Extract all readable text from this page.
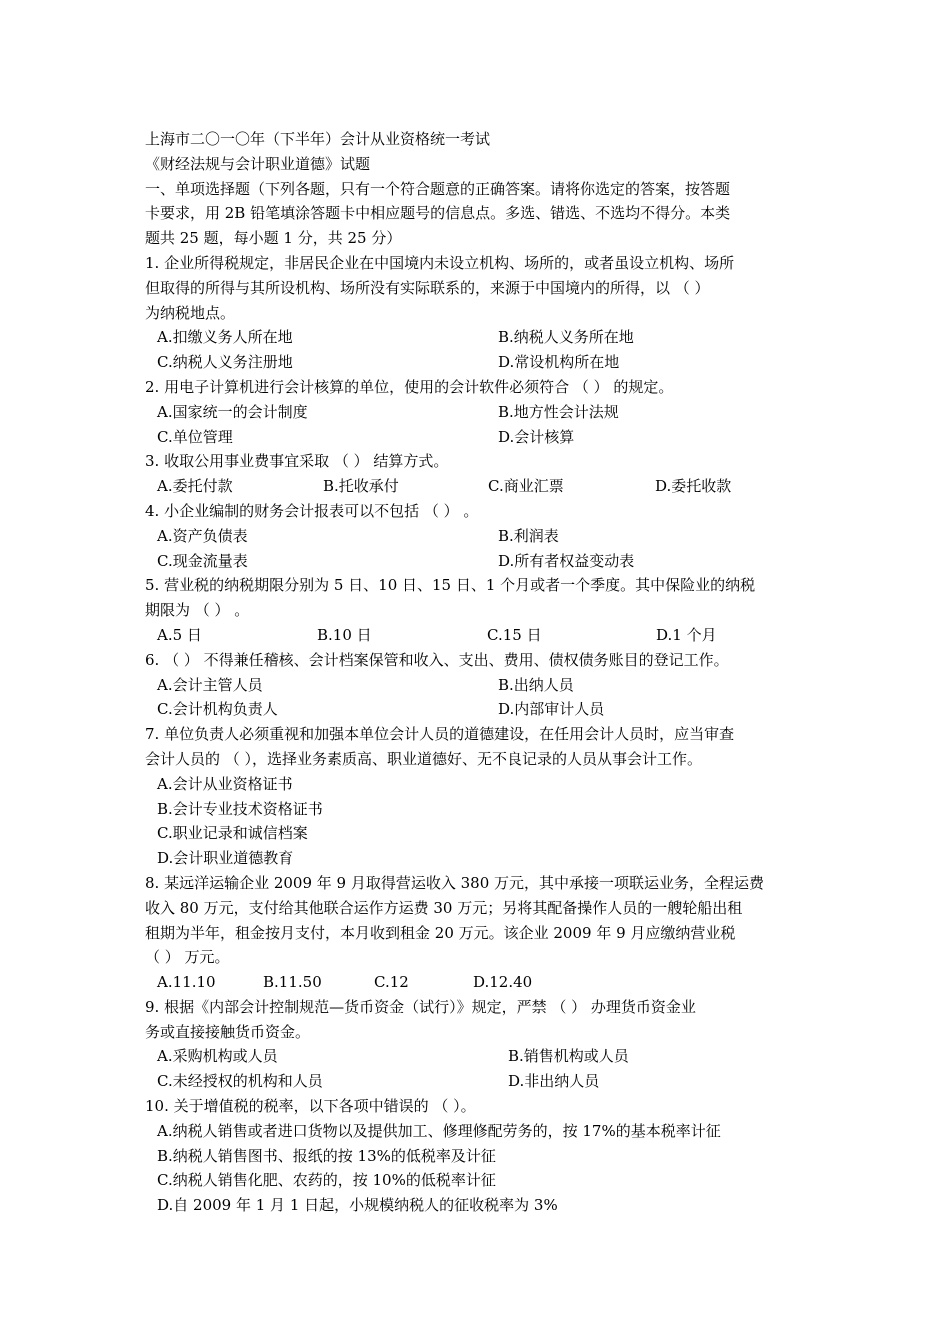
上海市二〇一〇年（下半年）会计从业资格统一考试
《财经法规与会计职业道德》试题
一、单项选择题（下列各题，只有一个符合题意的正确答案。请将你选定的答案，按答题
卡要求，用 2B 铅笔填涂答题卡中相应题号的信息点。多选、错选、不选均不得分。本类
题共 25 题，每小题 1 分，共 25 分）
1. 企业所得税规定，非居民企业在中国境内未设立机构、场所的，或者虽设立机构、场所
但取得的所得与其所设机构、场所没有实际联系的，来源于中国境内的所得，以 （ ）
为纳税地点。
A.扣缴义务人所在地	B.纳税人义务所在地
C.纳税人义务注册地	D.常设机构所在地
2. 用电子计算机进行会计核算的单位，使用的会计软件必须符合 （ ） 的规定。
A.国家统一的会计制度	B.地方性会计法规
C.单位管理	D.会计核算
3. 收取公用事业费事宜采取 （ ） 结算方式。
A.委托付款	B.托收承付	C.商业汇票	D.委托收款
4. 小企业编制的财务会计报表可以不包括 （ ） 。
A.资产负债表	B.利润表
C.现金流量表	D.所有者权益变动表
5. 营业税的纳税期限分别为 5 日、10 日、15 日、1 个月或者一个季度。其中保险业的纳税
期限为 （ ） 。
A.5 日	B.10 日	C.15 日	D.1 个月
6. （ ） 不得兼任稽核、会计档案保管和收入、支出、费用、债权债务账目的登记工作。
A.会计主管人员	B.出纳人员
C.会计机构负责人	D.内部审计人员
7. 单位负责人必须重视和加强本单位会计人员的道德建设，在任用会计人员时，应当审查
会计人员的 （ ），选择业务素质高、职业道德好、无不良记录的人员从事会计工作。
A.会计从业资格证书
B.会计专业技术资格证书
C.职业记录和诚信档案
D.会计职业道德教育
8. 某远洋运输企业 2009 年 9 月取得营运收入 380 万元，其中承接一项联运业务，全程运费
收入 80 万元，支付给其他联合运作方运费 30 万元；另将其配备操作人员的一艘轮船出租
租期为半年，租金按月支付，本月收到租金 20 万元。该企业 2009 年 9 月应缴纳营业税
（ ） 万元。
A.11.10	B.11.50	C.12	D.12.40
9. 根据《内部会计控制规范—货币资金（试行）》规定，严禁 （ ） 办理货币资金业
务或直接接触货币资金。
A.采购机构或人员	B.销售机构或人员
C.未经授权的机构和人员	D.非出纳人员
10. 关于增值税的税率，以下各项中错误的 （ ）。
A.纳税人销售或者进口货物以及提供加工、修理修配劳务的，按 17%的基本税率计征
B.纳税人销售图书、报纸的按 13%的低税率及计征
C.纳税人销售化肥、农药的，按 10%的低税率计征
D.自 2009 年 1 月 1 日起，小规模纳税人的征收税率为 3%
